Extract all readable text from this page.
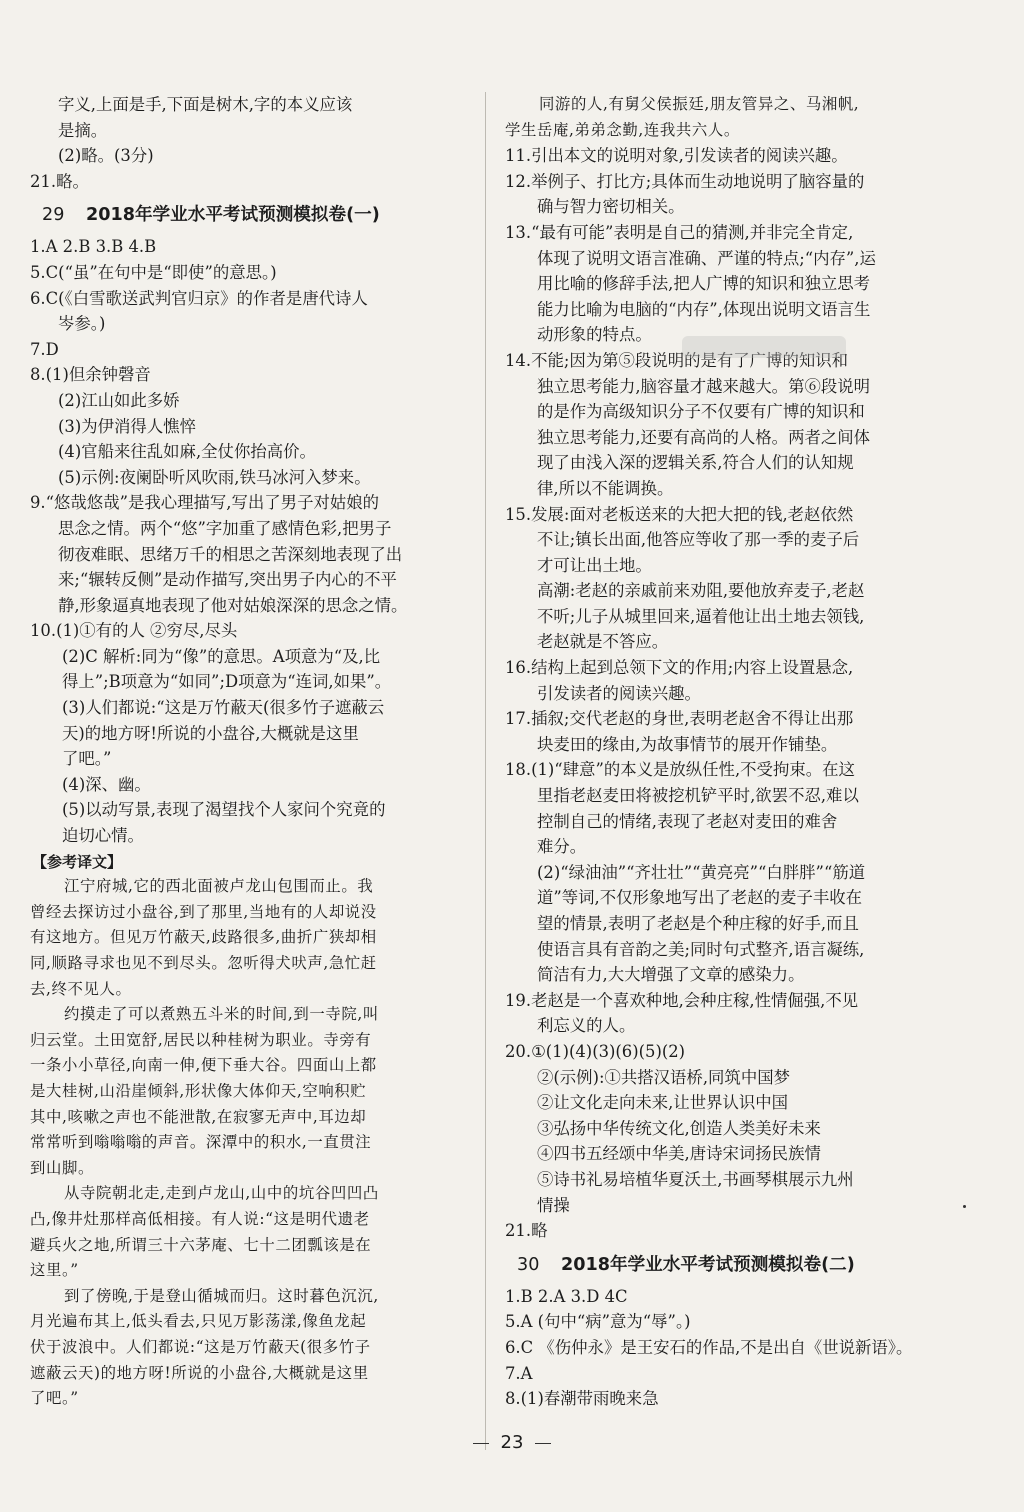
字义,上面是手,下面是树木,字的本义应该
是摘。
(2)略。(3分)
21.略。
29 2018年学业水平考试预测模拟卷(一)
1.A 2.B 3.B 4.B
5.C(“虽”在句中是“即使”的意思。)
6.C(《白雪歌送武判官归京》的作者是唐代诗人
岑参。)
7.D
8.(1)但余钟磬音
(2)江山如此多娇
(3)为伊消得人憔悴
(4)官船来往乱如麻,全仗你抬高价。
(5)示例:夜阑卧听风吹雨,铁马冰河入梦来。
9.“悠哉悠哉”是我心理描写,写出了男子对姑娘的
思念之情。两个“悠”字加重了感情色彩,把男子
彻夜难眠、思绪万千的相思之苦深刻地表现了出
来;“辗转反侧”是动作描写,突出男子内心的不平
静,形象逼真地表现了他对姑娘深深的思念之情。
10.(1)①有的人 ②穷尽,尽头
(2)C 解析:同为“像”的意思。A项意为“及,比
得上”;B项意为“如同”;D项意为“连词,如果”。
(3)人们都说:“这是万竹蔽天(很多竹子遮蔽云
天)的地方呀!所说的小盘谷,大概就是这里
了吧。”
(4)深、幽。
(5)以动写景,表现了渴望找个人家问个究竟的
迫切心情。
【参考译文】
江宁府城,它的西北面被卢龙山包围而止。我
曾经去探访过小盘谷,到了那里,当地有的人却说没
有这地方。但见万竹蔽天,歧路很多,曲折广狭却相
同,顺路寻求也见不到尽头。忽听得犬吠声,急忙赶
去,终不见人。
约摸走了可以煮熟五斗米的时间,到一寺院,叫
归云堂。土田宽舒,居民以种桂树为职业。寺旁有
一条小小草径,向南一伸,便下垂大谷。四面山上都
是大桂树,山沿崖倾斜,形状像大体仰天,空响积贮
其中,咳嗽之声也不能泄散,在寂寥无声中,耳边却
常常听到嗡嗡嗡的声音。深潭中的积水,一直贯注
到山脚。
从寺院朝北走,走到卢龙山,山中的坑谷凹凹凸
凸,像井灶那样高低相接。有人说:“这是明代遗老
避兵火之地,所谓三十六茅庵、七十二团瓢该是在
这里。”
到了傍晚,于是登山循城而归。这时暮色沉沉,
月光遍布其上,低头看去,只见万影荡漾,像鱼龙起
伏于波浪中。人们都说:“这是万竹蔽天(很多竹子
遮蔽云天)的地方呀!所说的小盘谷,大概就是这里
了吧。”
同游的人,有舅父侯振廷,朋友管异之、马湘帆,
学生岳庵,弟弟念勤,连我共六人。
11.引出本文的说明对象,引发读者的阅读兴趣。
12.举例子、打比方;具体而生动地说明了脑容量的
确与智力密切相关。
13.“最有可能”表明是自己的猜测,并非完全肯定,
体现了说明文语言准确、严谨的特点;“内存”,运
用比喻的修辞手法,把人广博的知识和独立思考
能力比喻为电脑的“内存”,体现出说明文语言生
动形象的特点。
14.不能;因为第⑤段说明的是有了广博的知识和
独立思考能力,脑容量才越来越大。第⑥段说明
的是作为高级知识分子不仅要有广博的知识和
独立思考能力,还要有高尚的人格。两者之间体
现了由浅入深的逻辑关系,符合人们的认知规
律,所以不能调换。
15.发展:面对老板送来的大把大把的钱,老赵依然
不让;镇长出面,他答应等收了那一季的麦子后
才可让出土地。
高潮:老赵的亲戚前来劝阻,要他放弃麦子,老赵
不听;儿子从城里回来,逼着他让出土地去领钱,
老赵就是不答应。
16.结构上起到总领下文的作用;内容上设置悬念,
引发读者的阅读兴趣。
17.插叙;交代老赵的身世,表明老赵舍不得让出那
块麦田的缘由,为故事情节的展开作铺垫。
18.(1)“肆意”的本义是放纵任性,不受拘束。在这
里指老赵麦田将被挖机铲平时,欲罢不忍,难以
控制自己的情绪,表现了老赵对麦田的难舍
难分。
(2)“绿油油”“齐壮壮”“黄亮亮”“白胖胖”“筋道
道”等词,不仅形象地写出了老赵的麦子丰收在
望的情景,表明了老赵是个种庄稼的好手,而且
使语言具有音韵之美;同时句式整齐,语言凝练,
简洁有力,大大增强了文章的感染力。
19.老赵是一个喜欢种地,会种庄稼,性情倔强,不见
利忘义的人。
20.①(1)(4)(3)(6)(5)(2)
②(示例):①共搭汉语桥,同筑中国梦
②让文化走向未来,让世界认识中国
③弘扬中华传统文化,创造人类美好未来
④四书五经颂中华美,唐诗宋词扬民族情
⑤诗书礼易培植华夏沃土,书画琴棋展示九州
情操
21.略
30 2018年学业水平考试预测模拟卷(二)
1.B 2.A 3.D 4C
5.A (句中“病”意为“辱”。)
6.C 《伤仲永》是王安石的作品,不是出自《世说新语》。
7.A
8.(1)春潮带雨晚来急
23
